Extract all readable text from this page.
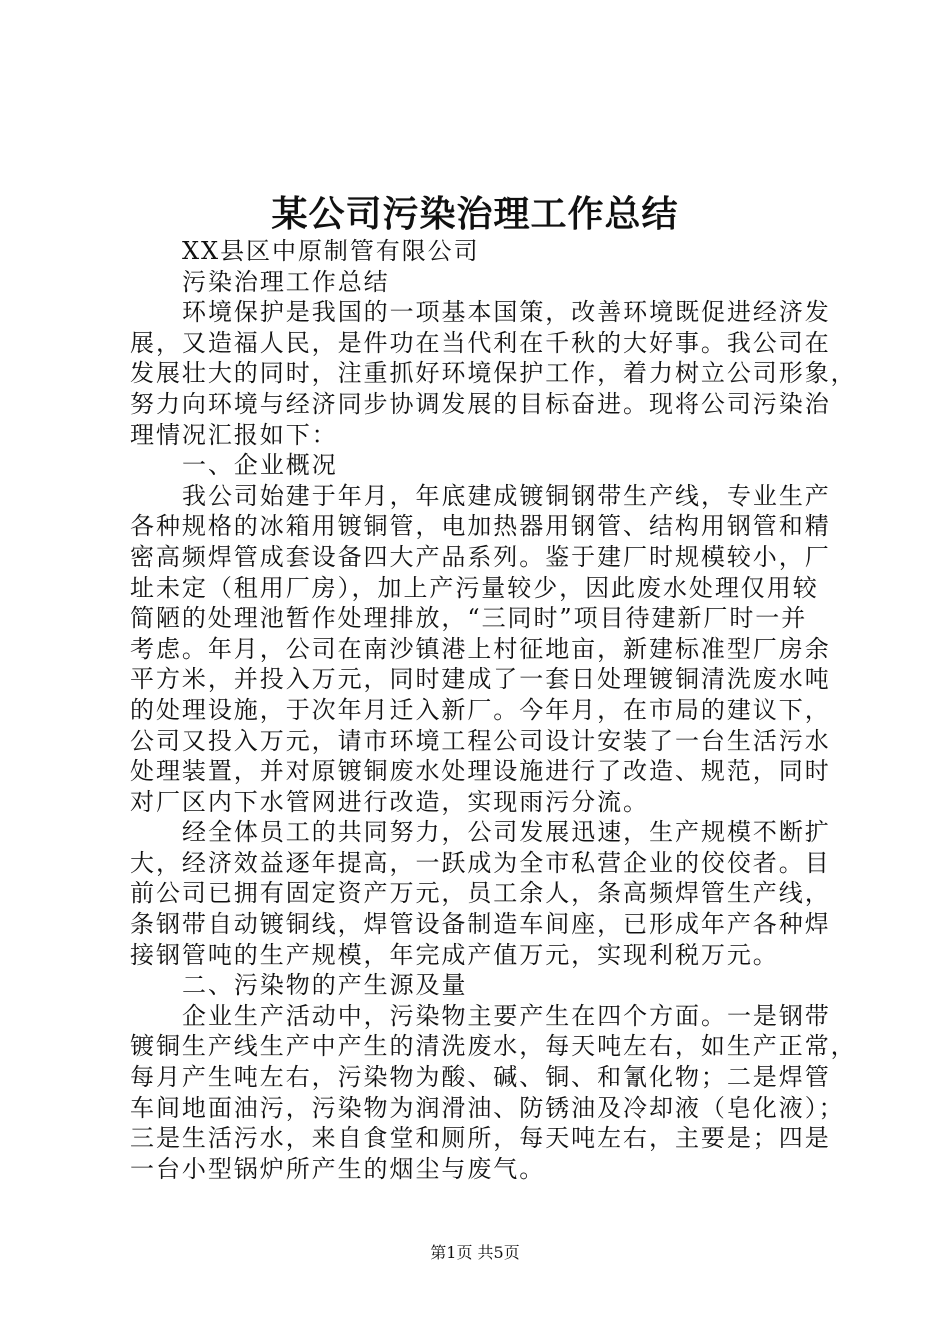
某公司污染治理工作总结
XX县区中原制管有限公司
污染治理工作总结
环境保护是我国的一项基本国策，改善环境既促进经济发
展，又造福人民，是件功在当代利在千秋的大好事。我公司在
发展壮大的同时，注重抓好环境保护工作，着力树立公司形象，
努力向环境与经济同步协调发展的目标奋进。现将公司污染治
理情况汇报如下：
一、企业概况
我公司始建于年月，年底建成镀铜钢带生产线，专业生产
各种规格的冰箱用镀铜管，电加热器用钢管、结构用钢管和精
密高频焊管成套设备四大产品系列。鉴于建厂时规模较小，厂
址未定（租用厂房），加上产污量较少，因此废水处理仅用较
简陋的处理池暂作处理排放，“三同时”项目待建新厂时一并
考虑。年月，公司在南沙镇港上村征地亩，新建标准型厂房余
平方米，并投入万元，同时建成了一套日处理镀铜清洗废水吨
的处理设施，于次年月迁入新厂。今年月，在市局的建议下，
公司又投入万元，请市环境工程公司设计安装了一台生活污水
处理装置，并对原镀铜废水处理设施进行了改造、规范，同时
对厂区内下水管网进行改造，实现雨污分流。
经全体员工的共同努力，公司发展迅速，生产规模不断扩
大，经济效益逐年提高，一跃成为全市私营企业的佼佼者。目
前公司已拥有固定资产万元，员工余人，条高频焊管生产线，
条钢带自动镀铜线，焊管设备制造车间座，已形成年产各种焊
接钢管吨的生产规模，年完成产值万元，实现利税万元。
二、污染物的产生源及量
企业生产活动中，污染物主要产生在四个方面。一是钢带
镀铜生产线生产中产生的清洗废水，每天吨左右，如生产正常，
每月产生吨左右，污染物为酸、碱、铜、和氰化物；二是焊管
车间地面油污，污染物为润滑油、防锈油及冷却液（皂化液）；
三是生活污水，来自食堂和厕所，每天吨左右，主要是；四是
一台小型锅炉所产生的烟尘与废气。
第1页 共5页
